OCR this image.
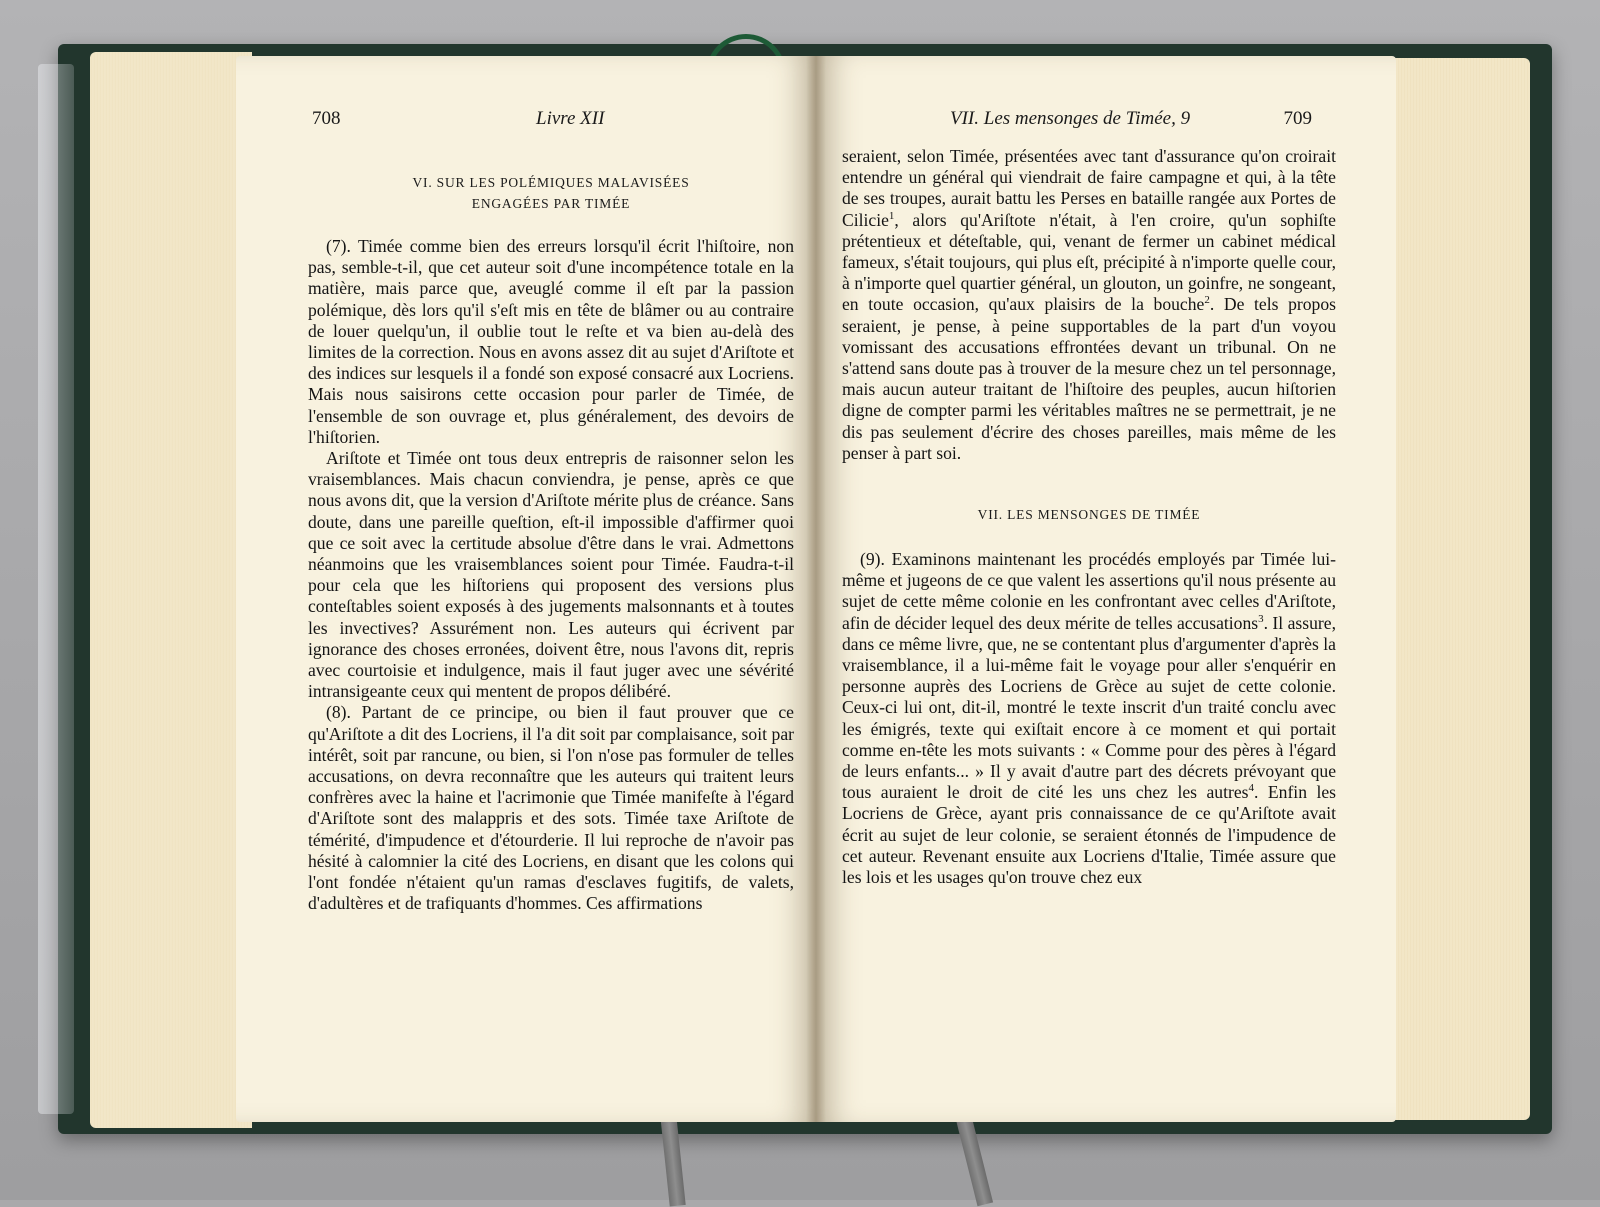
708	Livre XII

VI. SUR LES POLÉMIQUES MALAVISÉES

ENGAGÉES PAR TIMÉE

(7). Timée comme bien des erreurs lorsqu'il écrit l'hiſtoire, non pas, semble-t-il, que cet auteur soit d'une incompétence totale en la matière, mais parce que, aveuglé comme il eſt par la passion polémique, dès lors qu'il s'eſt mis en tête de blâmer ou au contraire de louer quelqu'un, il oublie tout le reſte et va bien au-delà des limites de la correction. Nous en avons assez dit au sujet d'Ariſtote et des indices sur lesquels il a fondé son exposé consacré aux Locriens. Mais nous saisirons cette occasion pour parler de Timée, de l'ensemble de son ouvrage et, plus généralement, des devoirs de l'hiſtorien.

Ariſtote et Timée ont tous deux entrepris de raisonner selon les vraisemblances. Mais chacun conviendra, je pense, après ce que nous avons dit, que la version d'Ariſtote mérite plus de créance. Sans doute, dans une pareille queſtion, eſt-il impossible d'affirmer quoi que ce soit avec la certitude absolue d'être dans le vrai. Admettons néanmoins que les vraisemblances soient pour Timée. Faudra-t-il pour cela que les hiſtoriens qui proposent des versions plus conteſtables soient exposés à des jugements malsonnants et à toutes les invectives? Assurément non. Les auteurs qui écrivent par ignorance des choses erronées, doivent être, nous l'avons dit, repris avec courtoisie et indulgence, mais il faut juger avec une sévérité intransigeante ceux qui mentent de propos délibéré.

(8). Partant de ce principe, ou bien il faut prouver que ce qu'Ariſtote a dit des Locriens, il l'a dit soit par complaisance, soit par intérêt, soit par rancune, ou bien, si l'on n'ose pas formuler de telles accusations, on devra reconnaître que les auteurs qui traitent leurs confrères avec la haine et l'acrimonie que Timée manifeſte à l'égard d'Ariſtote sont des malappris et des sots. Timée taxe Ariſtote de témérité, d'impudence et d'étourderie. Il lui reproche de n'avoir pas hésité à calomnier la cité des Locriens, en disant que les colons qui l'ont fondée n'étaient qu'un ramas d'esclaves fugitifs, de valets, d'adultères et de trafiquants d'hommes. Ces affirmations

VII. Les mensonges de Timée, 9	709

seraient, selon Timée, présentées avec tant d'assurance qu'on croirait entendre un général qui viendrait de faire campagne et qui, à la tête de ses troupes, aurait battu les Perses en bataille rangée aux Portes de Cilicie$^1$, alors qu'Ariſtote n'était, à l'en croire, qu'un sophiſte prétentieux et déteſtable, qui, venant de fermer un cabinet médical fameux, s'était toujours, qui plus eſt, précipité à n'importe quelle cour, à n'importe quel quartier général, un glouton, un goinfre, ne songeant, en toute occasion, qu'aux plaisirs de la bouche$^2$. De tels propos seraient, je pense, à peine supportables de la part d'un voyou vomissant des accusations effrontées devant un tribunal. On ne s'attend sans doute pas à trouver de la mesure chez un tel personnage, mais aucun auteur traitant de l'hiſtoire des peuples, aucun hiſtorien digne de compter parmi les véritables maîtres ne se permettrait, je ne dis pas seulement d'écrire des choses pareilles, mais même de les penser à part soi.

VII. LES MENSONGES DE TIMÉE

(9). Examinons maintenant les procédés employés par Timée lui-même et jugeons de ce que valent les assertions qu'il nous présente au sujet de cette même colonie en les confrontant avec celles d'Ariſtote, afin de décider lequel des deux mérite de telles accusations$^3$. Il assure, dans ce même livre, que, ne se contentant plus d'argumenter d'après la vraisemblance, il a lui-même fait le voyage pour aller s'enquérir en personne auprès des Locriens de Grèce au sujet de cette colonie. Ceux-ci lui ont, dit-il, montré le texte inscrit d'un traité conclu avec les émigrés, texte qui exiſtait encore à ce moment et qui portait comme en-tête les mots suivants : « Comme pour des pères à l'égard de leurs enfants... » Il y avait d'autre part des décrets prévoyant que tous auraient le droit de cité les uns chez les autres$^4$. Enfin les Locriens de Grèce, ayant pris connaissance de ce qu'Ariſtote avait écrit au sujet de leur colonie, se seraient étonnés de l'impudence de cet auteur. Revenant ensuite aux Locriens d'Italie, Timée assure que les lois et les usages qu'on trouve chez eux
